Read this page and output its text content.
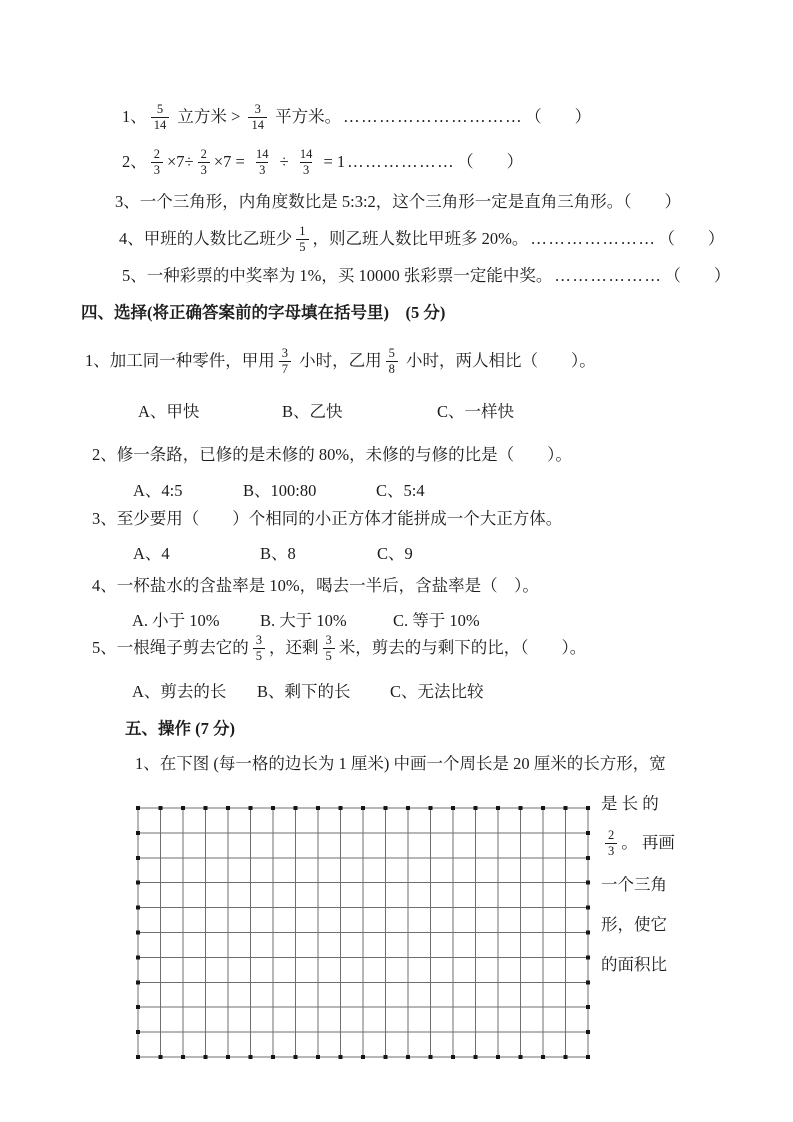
1、 $\frac{5}{14}$ 立方米 > $\frac{3}{14}$ 平方米。 ………………………… （　　）
2、 $\frac{2}{3} \times 7\div \frac{2}{3} \times 7 = \frac{14}{3} \div \frac{14}{3} = 1$ ……………… （　　）
3、一个三角形，内角度数比是 5:3:2，这个三角形一定是直角三角形。（　　）
4、甲班的人数比乙班少 $\frac{1}{5}$ ，则乙班人数比甲班多 20%。 ………………… （　　）
5、一种彩票的中奖率为 1%，买 10000 张彩票一定能中奖。 ……………… （　　）
四、选择(将正确答案前的字母填在括号里)　(5 分)
1、加工同一种零件，甲用 $\frac{3}{7}$ 小时，乙用 $\frac{5}{8}$ 小时，两人相比（　　）。
A、甲快	B、乙快	C、一样快
2、修一条路，已修的是未修的 80%，未修的与修的比是（　　）。
A、4:5	B、100:80	C、5:4
3、至少要用（　　）个相同的小正方体才能拼成一个大正方体。
A、4	B、8	C、9
4、一杯盐水的含盐率是 10%，喝去一半后，含盐率是（　）。
A. 小于 10% B. 大于 10%	C. 等于 10%
5、一根绳子剪去它的 $\frac{3}{5}$ ，还剩 $\frac{3}{5}$ 米，剪去的与剩下的比，（　　）。
A、剪去的长 B、剩下的长 C、无法比较
五、操作 (7 分)
1、在下图 (每一格的边长为 1 厘米) 中画一个周长是 20 厘米的长方形，宽
是 长 的
$\frac{2}{3}$ 。 再画
一个三角
形，使它
的面积比
